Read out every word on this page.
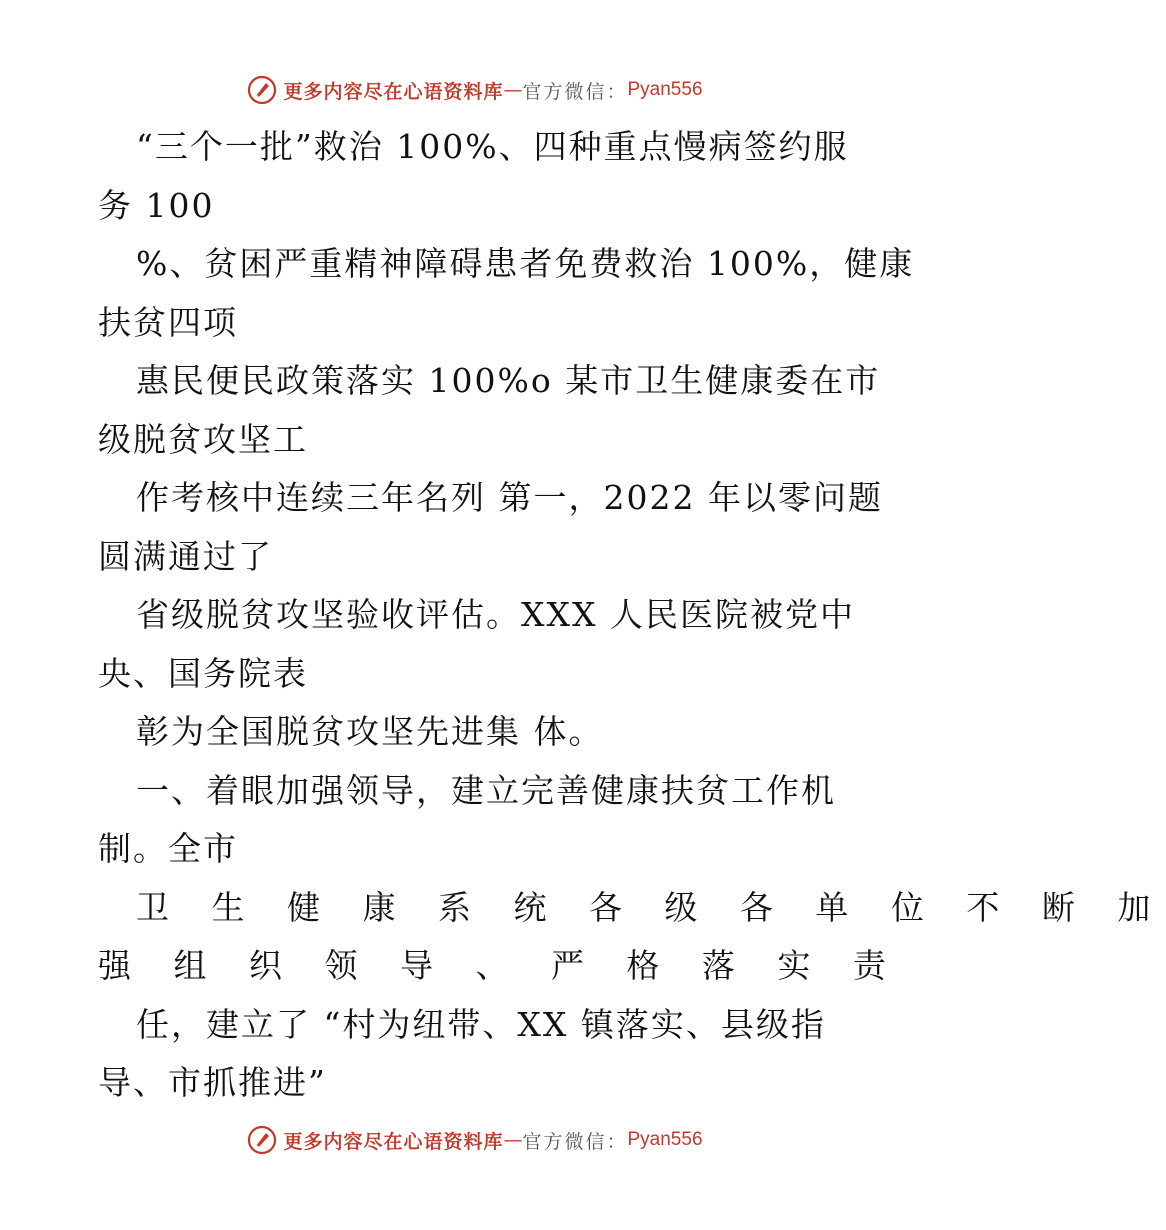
更多内容尽在心语资料库 — 官方微信： Pyan556
“三个一批”救治 100%、四种重点慢病签约服
务 100
%、贫困严重精神障碍患者免费救治 100%，健康
扶贫四项
惠民便民政策落实 100%o 某市卫生健康委在市
级脱贫攻坚工
作考核中连续三年名列 第一，2022 年以零问题
圆满通过了
省级脱贫攻坚验收评估。XXX 人民医院被党中
央、国务院表
彰为全国脱贫攻坚先进集 体。
一、着眼加强领导，建立完善健康扶贫工作机
制。全市
卫 生 健 康 系 统 各 级 各 单 位 不 断 加
强 组 织 领 导 、 严 格 落 实 责
任，建立了 “村为纽带、XX 镇落实、县级指
导、市抓推进”
更多内容尽在心语资料库 — 官方微信： Pyan556
